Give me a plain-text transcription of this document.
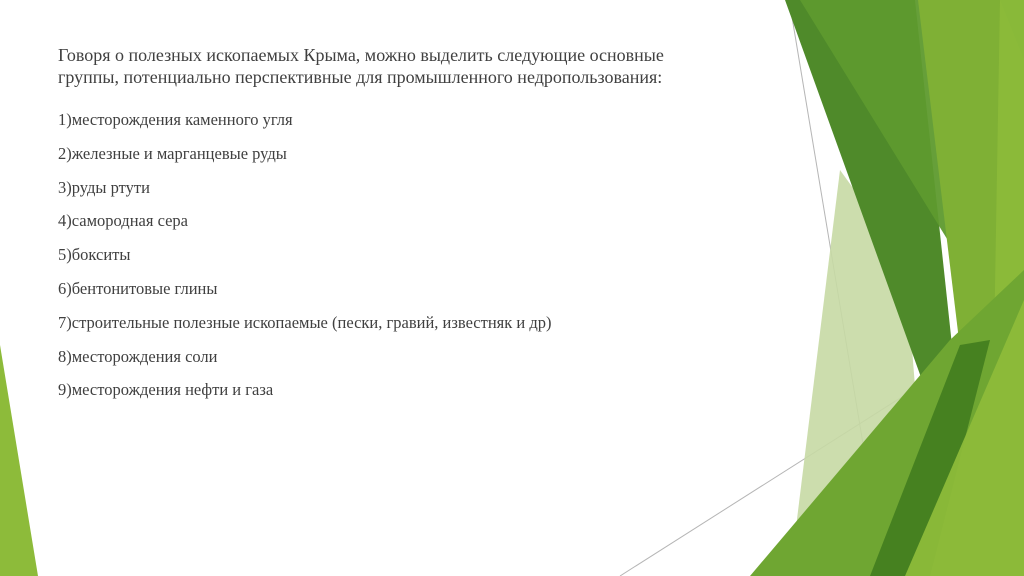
Говоря о полезных ископаемых Крыма, можно выделить следующие основные группы, потенциально перспективные для промышленного недропользования:

1)месторождения каменного угля
2)железные и марганцевые руды
3)руды ртути
4)самородная сера
5)бокситы
6)бентонитовые глины
7)строительные полезные ископаемые (пески, гравий, известняк и др)
8)месторождения соли
9)месторождения нефти и газа
